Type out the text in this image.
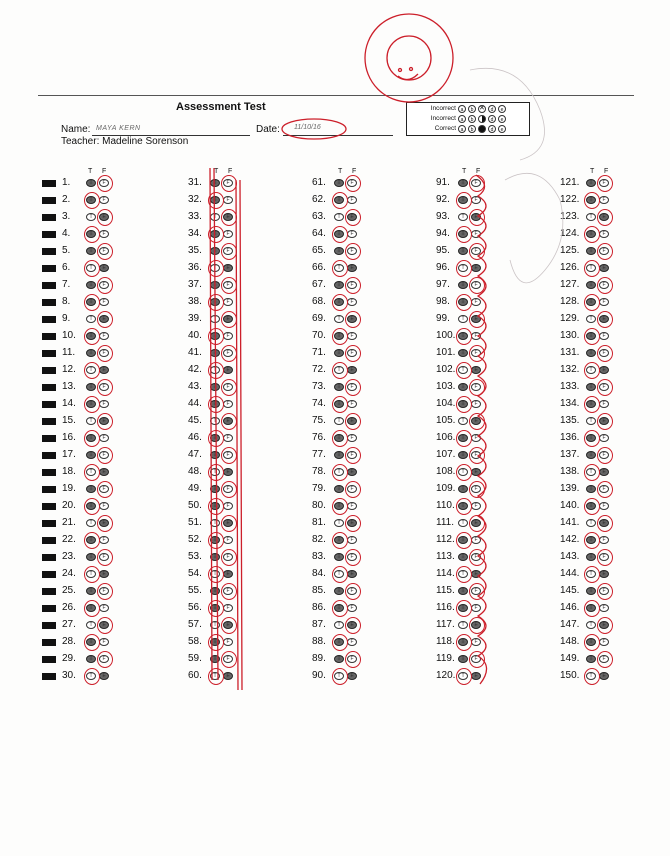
Assessment Test
Name: MAYA KERN	Date: 11/10/16
Teacher: Madeline Sorenson
Incorrect a	b ✕	d	e
Incorrect a	b	d	e
Correct a	b	d	e
T F
1.	T	F
2.	T	F
3.	T	F
4.	T	F
5.	T	F
6.	T	F
7.	T	F
8.	T	F
9.	T	F
10.	T	F
11.	T	F
12.	T	F
13.	T	F
14.	T	F
15.	T	F
16.	T	F
17.	T	F
18.	T	F
19.	T	F
20.	T	F
21.	T	F
22.	T	F
23.	T	F
24.	T	F
25.	T	F
26.	T	F
27.	T	F
28.	T	F
29.	T	F
30.	T	F
T F
31.	T	F
32.	T	F
33.	T	F
34.	T	F
35.	T	F
36.	T	F
37.	T	F
38.	T	F
39.	T	F
40.	T	F
41.	T	F
42.	T	F
43.	T	F
44.	T	F
45.	T	F
46.	T	F
47.	T	F
48.	T	F
49.	T	F
50.	T	F
51.	T	F
52.	T	F
53.	T	F
54.	T	F
55.	T	F
56.	T	F
57.	T	F
58.	T	F
59.	T	F
60.	T	F
T F
61.	T	F
62.	T	F
63.	T	F
64.	T	F
65.	T	F
66.	T	F
67.	T	F
68.	T	F
69.	T	F
70.	T	F
71.	T	F
72.	T	F
73.	T	F
74.	T	F
75.	T	F
76.	T	F
77.	T	F
78.	T	F
79.	T	F
80.	T	F
81.	T	F
82.	T	F
83.	T	F
84.	T	F
85.	T	F
86.	T	F
87.	T	F
88.	T	F
89.	T	F
90.	T	F
T F
91.	T	F
92.	T	F
93.	T	F
94.	T	F
95.	T	F
96.	T	F
97.	T	F
98.	T	F
99.	T	F
100.	T	F
101.	T	F
102.	T	F
103.	T	F
104.	T	F
105.	T	F
106.	T	F
107.	T	F
108.	T	F
109.	T	F
110.	T	F
111.	T	F
112.	T	F
113.	T	F
114.	T	F
115.	T	F
116.	T	F
117.	T	F
118.	T	F
119.	T	F
120.	T	F
T F
121.	T	F
122.	T	F
123.	T	F
124.	T	F
125.	T	F
126.	T	F
127.	T	F
128.	T	F
129.	T	F
130.	T	F
131.	T	F
132.	T	F
133.	T	F
134.	T	F
135.	T	F
136.	T	F
137.	T	F
138.	T	F
139.	T	F
140.	T	F
141.	T	F
142.	T	F
143.	T	F
144.	T	F
145.	T	F
146.	T	F
147.	T	F
148.	T	F
149.	T	F
150.	T	F
